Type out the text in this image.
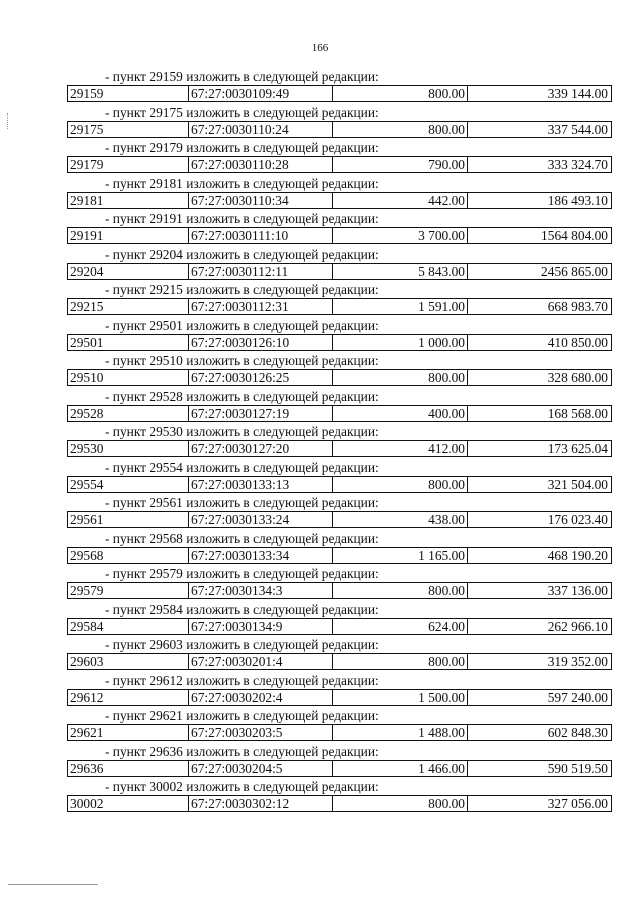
166
- пункт 29159 изложить в следующей редакции:
29159	67:27:0030109:49	800.00	339 144.00
- пункт 29175 изложить в следующей редакции:
29175	67:27:0030110:24	800.00	337 544.00
- пункт 29179 изложить в следующей редакции:
29179	67:27:0030110:28	790.00	333 324.70
- пункт 29181 изложить в следующей редакции:
29181	67:27:0030110:34	442.00	186 493.10
- пункт 29191 изложить в следующей редакции:
29191	67:27:0030111:10	3 700.00	1564 804.00
- пункт 29204 изложить в следующей редакции:
29204	67:27:0030112:11	5 843.00	2456 865.00
- пункт 29215 изложить в следующей редакции:
29215	67:27:0030112:31	1 591.00	668 983.70
- пункт 29501 изложить в следующей редакции:
29501	67:27:0030126:10	1 000.00	410 850.00
- пункт 29510 изложить в следующей редакции:
29510	67:27:0030126:25	800.00	328 680.00
- пункт 29528 изложить в следующей редакции:
29528	67:27:0030127:19	400.00	168 568.00
- пункт 29530 изложить в следующей редакции:
29530	67:27:0030127:20	412.00	173 625.04
- пункт 29554 изложить в следующей редакции:
29554	67:27:0030133:13	800.00	321 504.00
- пункт 29561 изложить в следующей редакции:
29561	67:27:0030133:24	438.00	176 023.40
- пункт 29568 изложить в следующей редакции:
29568	67:27:0030133:34	1 165.00	468 190.20
- пункт 29579 изложить в следующей редакции:
29579	67:27:0030134:3	800.00	337 136.00
- пункт 29584 изложить в следующей редакции:
29584	67:27:0030134:9	624.00	262 966.10
- пункт 29603 изложить в следующей редакции:
29603	67:27:0030201:4	800.00	319 352.00
- пункт 29612 изложить в следующей редакции:
29612	67:27:0030202:4	1 500.00	597 240.00
- пункт 29621 изложить в следующей редакции:
29621	67:27:0030203:5	1 488.00	602 848.30
- пункт 29636 изложить в следующей редакции:
29636	67:27:0030204:5	1 466.00	590 519.50
- пункт 30002 изложить в следующей редакции:
30002	67:27:0030302:12	800.00	327 056.00
